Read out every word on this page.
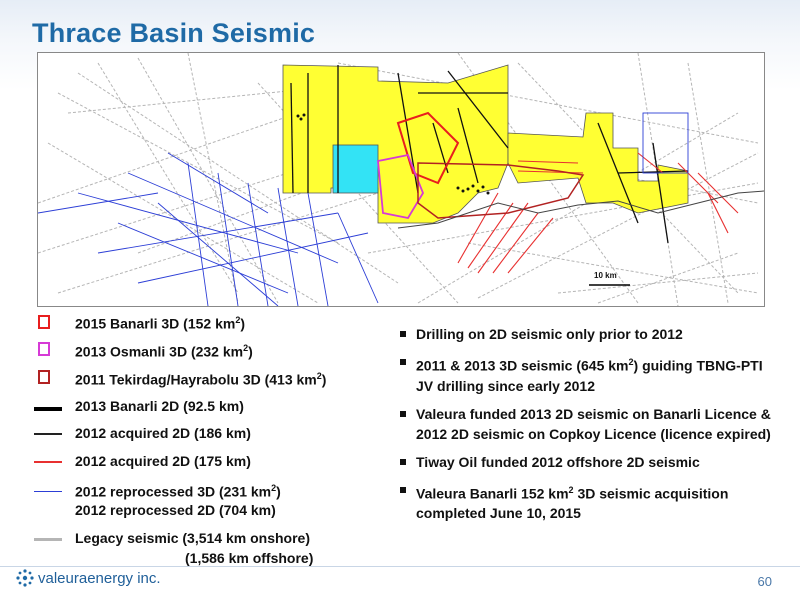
Thrace Basin Seismic
10 km
2015 Banarli 3D (152 $km^2$)
2013 Osmanli 3D (232 $km^2$)
2011 Tekirdag/Hayrabolu 3D (413 $km^2$)
2013 Banarli 2D (92.5 km)
2012 acquired 2D (186 km)
2012 acquired 2D (175 km)
2012 reprocessed 3D (231 $km^2$)
2012 reprocessed 2D (704 km)
Legacy seismic (3,514 km onshore)
(1,586 km offshore)
Drilling on 2D seismic only prior to 2012
2011 & 2013 3D seismic (645 $km^2$) guiding TBNG-PTI JV drilling since early 2012
Valeura funded 2013 2D seismic on Banarli Licence & 2012 2D seismic on Copkoy Licence (licence expired)
Tiway Oil funded 2012 offshore 2D seismic
Valeura Banarli 152 $km^2$ 3D seismic acquisition completed June 10, 2015
valeuraenergy inc.	60
